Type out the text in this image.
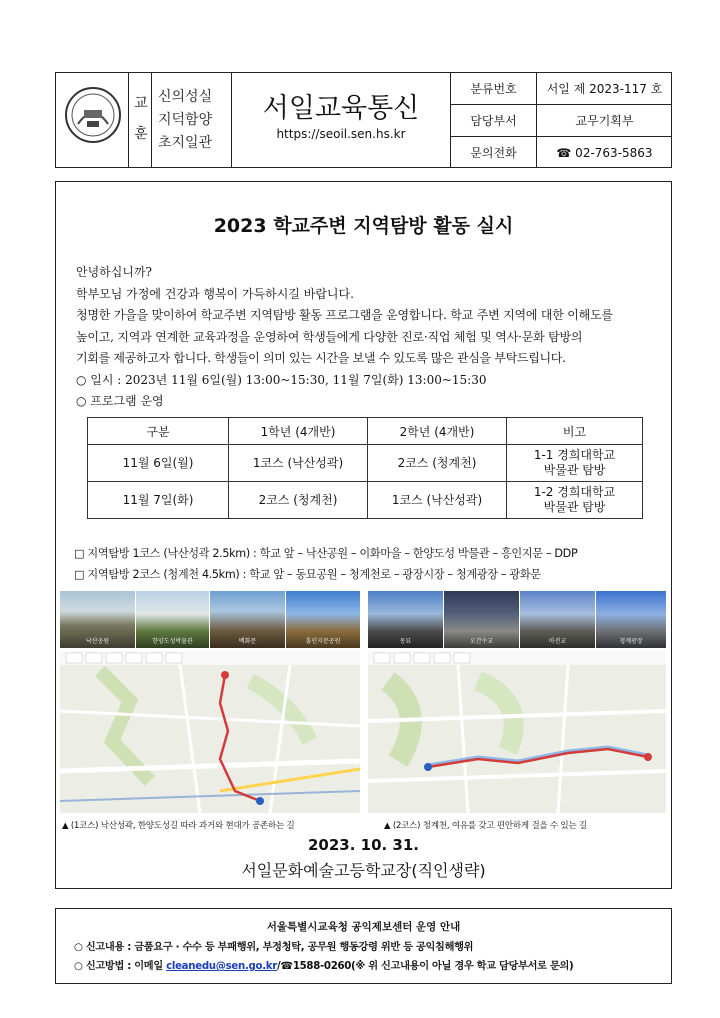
교 훈 신의성실
지덕함양
초지일관
서일교육통신
https://seoil.sen.hs.kr
분류번호	서일 제 2023-117 호
담당부서	교무기획부
문의전화	☎ 02-763-5863
2023 학교주변 지역탐방 활동 실시
안녕하십니까?
학부모님 가정에 건강과 행복이 가득하시길 바랍니다.
청명한 가을을 맞이하여 학교주변 지역탐방 활동 프로그램을 운영합니다. 학교 주변 지역에 대한 이해도를
높이고, 지역과 연계한 교육과정을 운영하여 학생들에게 다양한 진로·직업 체험 및 역사·문화 탐방의
기회를 제공하고자 합니다. 학생들이 의미 있는 시간을 보낼 수 있도록 많은 관심을 부탁드립니다.
○ 일시 : 2023년 11월 6일(월) 13:00~15:30, 11월 7일(화) 13:00~15:30
○ 프로그램 운영
구분	1학년 (4개반)	2학년 (4개반)	비고
11월 6일(월)	1코스 (낙산성곽)	2코스 (청계천)	1-1 경희대학교
박물관 탐방

11월 7일(화)	2코스 (청계천)	1코스 (낙산성곽)	1-2 경희대학교
박물관 탐방
□ 지역탐방 1코스 (낙산성곽 2.5km) : 학교 앞 – 낙산공원 – 이화마을 – 한양도성 박물관 – 흥인지문 – DDP
□ 지역탐방 2코스 (청계천 4.5km) : 학교 앞 – 동묘공원 – 청계천로 – 광장시장 – 청계광장 – 광화문
낙산공원	한양도성박물관	백화문	흥인지문공원	동묘	오간수교	마전교	청계광장
▲ (1코스) 낙산성곽, 한양도성길 따라 과거와 현대가 공존하는 길	▲ (2코스) 청계천, 여유를 갖고 편안하게 걸을 수 있는 길
2023. 10. 31.
서일문화예술고등학교장(직인생략)
서울특별시교육청 공익제보센터 운영 안내
○ 신고내용 : 금품요구 · 수수 등 부패행위, 부정청탁, 공무원 행동강령 위반 등 공익침해행위
○ 신고방법 : 이메일 cleanedu@sen.go.kr/☎1588-0260(※ 위 신고내용이 아닐 경우 학교 담당부서로 문의)
